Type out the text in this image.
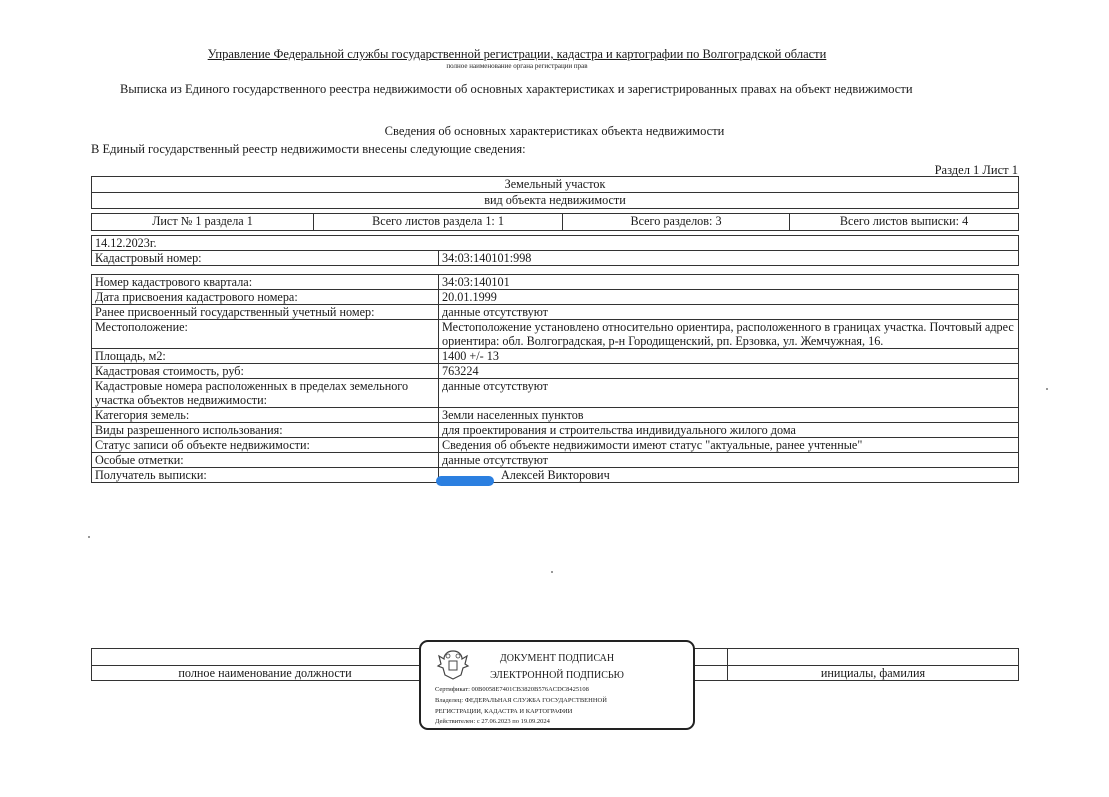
Управление Федеральной службы государственной регистрации, кадастра и картографии по Волгоградской области
полное наименование органа регистрации прав
Выписка из Единого государственного реестра недвижимости об основных характеристиках и зарегистрированных правах на объект недвижимости
Сведения об основных характеристиках объекта недвижимости
В Единый государственный реестр недвижимости внесены следующие сведения:
Раздел 1 Лист 1
Земельный участок
вид объекта недвижимости
Лист № 1 раздела 1	Всего листов раздела 1: 1	Всего разделов: 3	Всего листов выписки: 4
14.12.2023г.
Кадастровый номер:	34:03:140101:998
Номер кадастрового квартала:	34:03:140101
Дата присвоения кадастрового номера:	20.01.1999
Ранее присвоенный государственный учетный номер:	данные отсутствуют
Местоположение:	Местоположение установлено относительно ориентира, расположенного в границах участка. Почтовый адрес ориентира: обл. Волгоградская, р-н Городищенский, рп. Ерзовка, ул. Жемчужная, 16.
Площадь, м2:	1400 +/- 13
Кадастровая стоимость, руб:	763224
Кадастровые номера расположенных в пределах земельного участка объектов недвижимости:	данные отсутствуют
Категория земель:	Земли населенных пунктов
Виды разрешенного использования:	для проектирования и строительства индивидуального жилого дома
Статус записи об объекте недвижимости:	Сведения об объекте недвижимости имеют статус "актуальные, ранее учтенные"
Особые отметки:	данные отсутствуют
Получатель выписки:	Алексей Викторович

полное наименование должности		инициалы, фамилия
ДОКУМЕНТ ПОДПИСАН
ЭЛЕКТРОННОЙ ПОДПИСЬЮ
Сертификат: 00B0058E7401CB3820B576ACDC8425108
Владелец: ФЕДЕРАЛЬНАЯ СЛУЖБА ГОСУДАРСТВЕННОЙ
РЕГИСТРАЦИИ, КАДАСТРА И КАРТОГРАФИИ
Действителен: с 27.06.2023 по 19.09.2024
